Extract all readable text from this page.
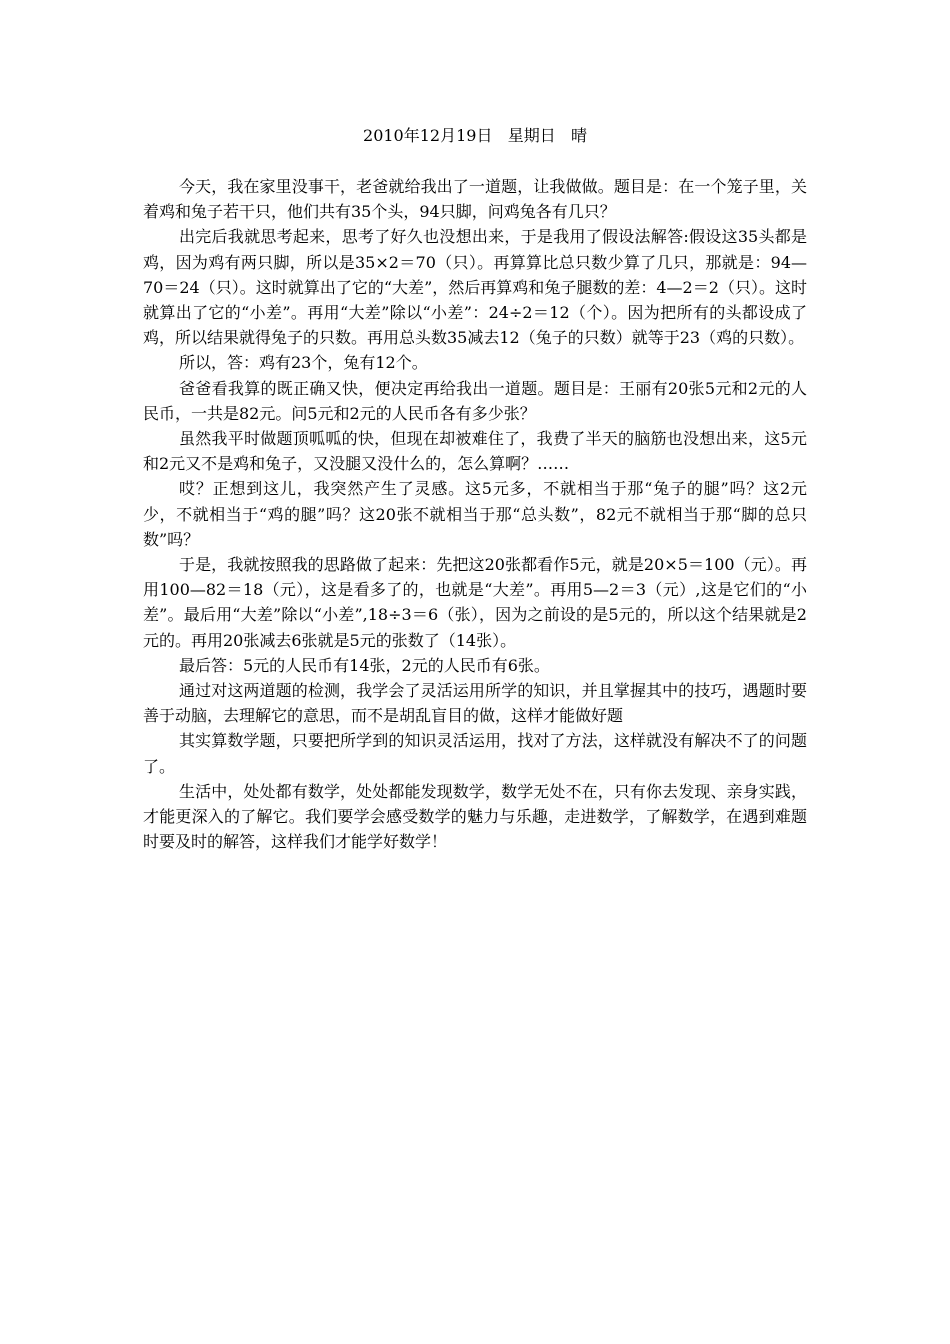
2010年12月19日   星期日   晴

今天，我在家里没事干，老爸就给我出了一道题，让我做做。题目是：在一个笼子里，关着鸡和兔子若干只，他们共有35个头，94只脚，问鸡兔各有几只？

出完后我就思考起来，思考了好久也没想出来，于是我用了假设法解答:假设这35头都是鸡，因为鸡有两只脚，所以是35×2＝70（只）。再算算比总只数少算了几只，那就是：94—70＝24（只）。这时就算出了它的“大差”，然后再算鸡和兔子腿数的差：4—2＝2（只）。这时就算出了它的“小差”。再用“大差”除以“小差”：24÷2＝12（个）。因为把所有的头都设成了鸡，所以结果就得兔子的只数。再用总头数35减去12（兔子的只数）就等于23（鸡的只数）。

所以，答：鸡有23个，兔有12个。

爸爸看我算的既正确又快，便决定再给我出一道题。题目是：王丽有20张5元和2元的人民币，一共是82元。问5元和2元的人民币各有多少张？

虽然我平时做题顶呱呱的快，但现在却被难住了，我费了半天的脑筋也没想出来，这5元和2元又不是鸡和兔子，又没腿又没什么的，怎么算啊？……

哎？正想到这儿，我突然产生了灵感。这5元多，不就相当于那“兔子的腿”吗？这2元少，不就相当于“鸡的腿”吗？这20张不就相当于那“总头数”，82元不就相当于那“脚的总只数”吗？

于是，我就按照我的思路做了起来：先把这20张都看作5元，就是20×5＝100（元）。再用100—82＝18（元），这是看多了的，也就是“大差”。再用5—2＝3（元）,这是它们的“小差”。最后用“大差”除以“小差”,18÷3＝6（张），因为之前设的是5元的，所以这个结果就是2元的。再用20张减去6张就是5元的张数了（14张）。

最后答：5元的人民币有14张，2元的人民币有6张。

通过对这两道题的检测，我学会了灵活运用所学的知识，并且掌握其中的技巧，遇题时要善于动脑，去理解它的意思，而不是胡乱盲目的做，这样才能做好题

其实算数学题，只要把所学到的知识灵活运用，找对了方法，这样就没有解决不了的问题了。

生活中，处处都有数学，处处都能发现数学，数学无处不在，只有你去发现、亲身实践，才能更深入的了解它。我们要学会感受数学的魅力与乐趣，走进数学，了解数学，在遇到难题时要及时的解答，这样我们才能学好数学！
